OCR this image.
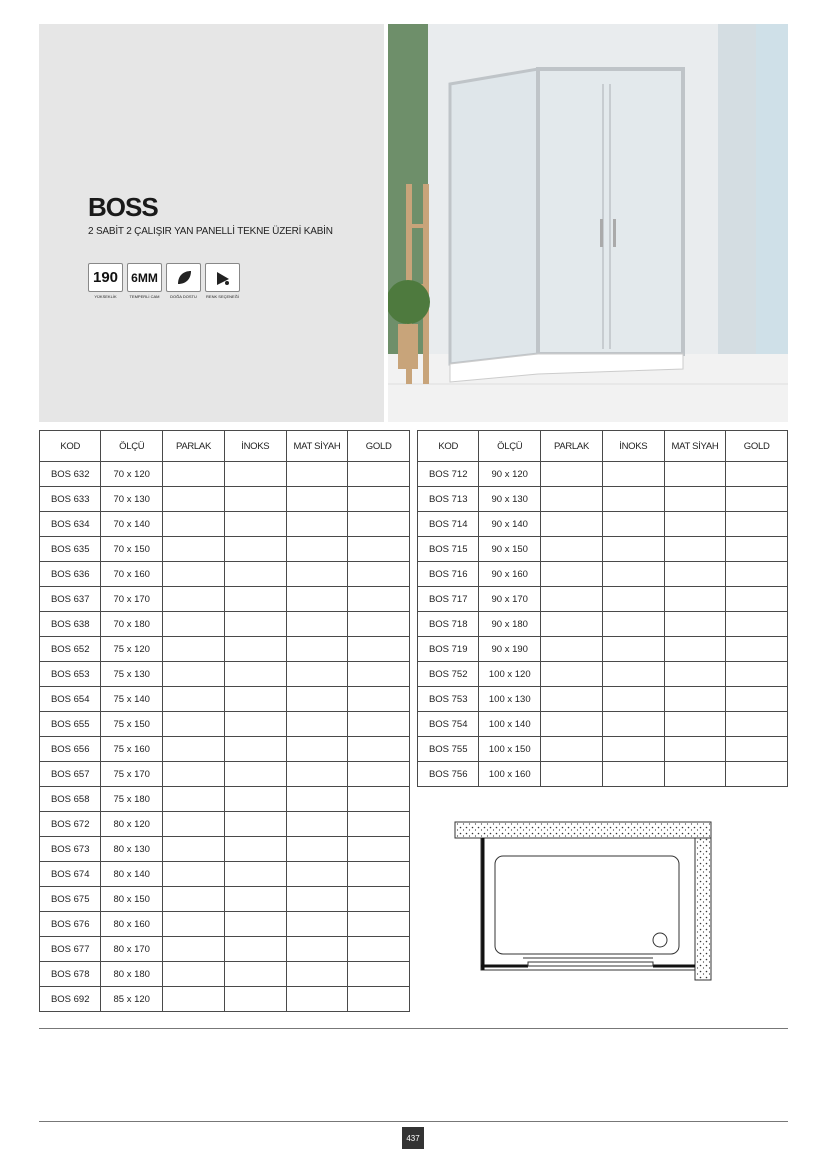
BOSS
2 SABİT 2 ÇALIŞIR YAN PANELLİ TEKNE ÜZERİ KABİN
190
YÜKSEKLİK
6MM
TEMPERLİ CAM	DOĞA DOSTU	RENK SEÇENEĞİ
KOD	ÖLÇÜ	PARLAK	İNOKS	MAT SİYAH	GOLD
BOS 632	70 x 120				
BOS 633	70 x 130				
BOS 634	70 x 140				
BOS 635	70 x 150				
BOS 636	70 x 160				
BOS 637	70 x 170				
BOS 638	70 x 180				
BOS 652	75 x 120				
BOS 653	75 x 130				
BOS 654	75 x 140				
BOS 655	75 x 150				
BOS 656	75 x 160				
BOS 657	75 x 170				
BOS 658	75 x 180				
BOS 672	80 x 120				
BOS 673	80 x 130				
BOS 674	80 x 140				
BOS 675	80 x 150				
BOS 676	80 x 160				
BOS 677	80 x 170				
BOS 678	80 x 180				
BOS 692	85 x 120				
KOD	ÖLÇÜ	PARLAK	İNOKS	MAT SİYAH	GOLD
BOS 712	90 x 120				
BOS 713	90 x 130				
BOS 714	90 x 140				
BOS 715	90 x 150				
BOS 716	90 x 160				
BOS 717	90 x 170				
BOS 718	90 x 180				
BOS 719	90 x 190				
BOS 752	100 x 120				
BOS 753	100 x 130				
BOS 754	100 x 140				
BOS 755	100 x 150				
BOS 756	100 x 160				
437
